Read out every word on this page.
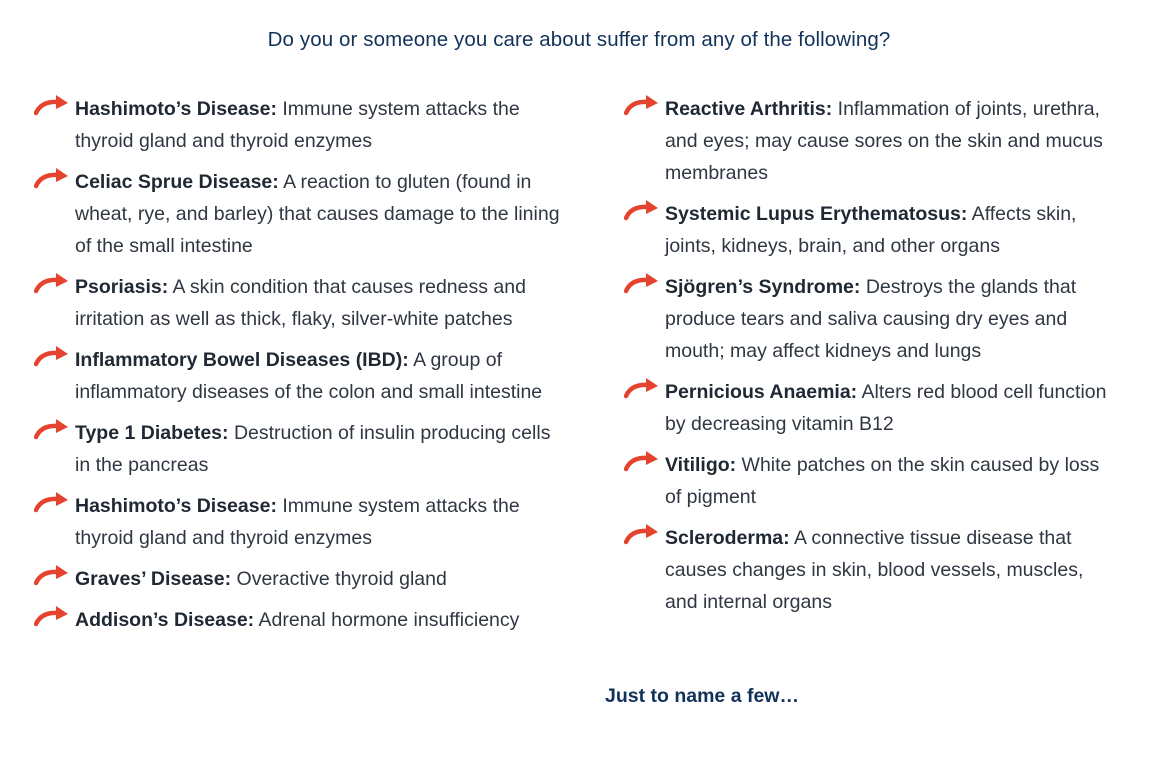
Do you or someone you care about suffer from any of the following?
Hashimoto’s Disease: Immune system attacks the thyroid gland and thyroid enzymes
Celiac Sprue Disease: A reaction to gluten (found in wheat, rye, and barley) that causes damage to the lining of the small intestine
Psoriasis: A skin condition that causes redness and irritation as well as thick, flaky, silver-white patches
Inflammatory Bowel Diseases (IBD): A group of inflammatory diseases of the colon and small intestine
Type 1 Diabetes: Destruction of insulin producing cells in the pancreas
Hashimoto’s Disease: Immune system attacks the thyroid gland and thyroid enzymes
Graves’ Disease: Overactive thyroid gland
Addison’s Disease: Adrenal hormone insufficiency
Reactive Arthritis: Inflammation of joints, urethra, and eyes; may cause sores on the skin and mucus membranes
Systemic Lupus Erythematosus: Affects skin, joints, kidneys, brain, and other organs
Sjögren’s Syndrome: Destroys the glands that produce tears and saliva causing dry eyes and mouth; may affect kidneys and lungs
Pernicious Anaemia: Alters red blood cell function by decreasing vitamin B12
Vitiligo: White patches on the skin caused by loss of pigment
Scleroderma: A connective tissue disease that causes changes in skin, blood vessels, muscles, and internal organs
Just to name a few…
